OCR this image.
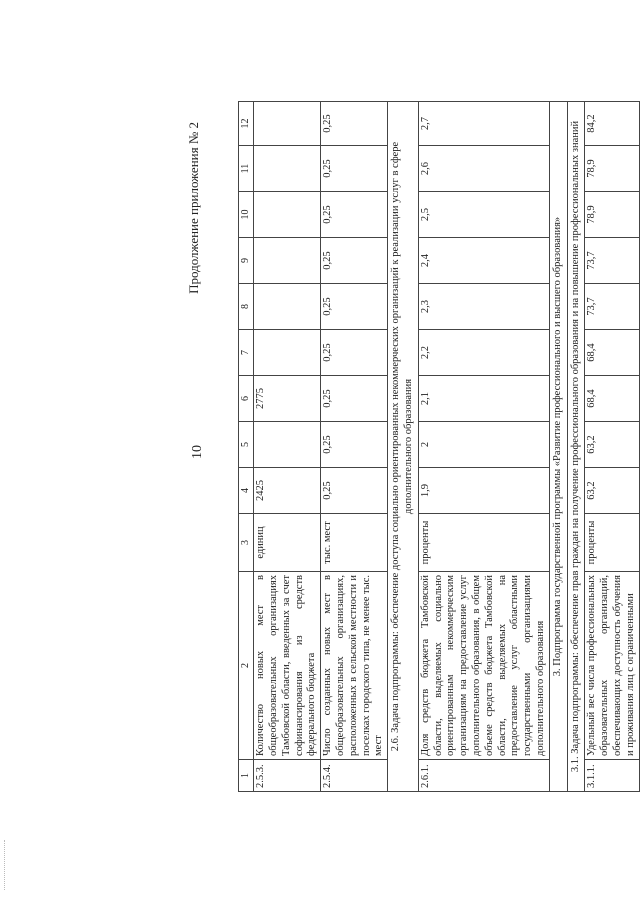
10
Продолжение приложения № 2
1	2	3	4	5	6	7	8	9	10	11	12
2.5.3.	Количество новых мест в общеобразовательных организациях Тамбовской области, введенных за счет софинансирования из средств федерального бюджета	единиц	2425		2775						
2.5.4.	Число созданных новых мест в общеобразовательных организациях, расположенных в сельской местности и поселках городского типа, не менее тыс. мест	тыс. мест	0,25	0,25	0,25	0,25	0,25	0,25	0,25	0,25	0,25
2.6. Задача подпрограммы: обеспечение доступа социально ориентированных некоммерческих организаций к реализации услуг в сфере дополнительного образования											
2.6.1.	Доля средств бюджета Тамбовской области, выделяемых социально ориентированным некоммерческим организациям на предоставление услуг дополнительного образования, в общем объеме средств бюджета Тамбовской области, выделяемых на предоставление услуг областными государственными организациями дополнительного образования	проценты	1,9	2	2,1	2,2	2,3	2,4	2,5	2,6	2,7
3. Подпрограмма государственной программы «Развитие профессионального и высшего образования»											
3.1. Задача подпрограммы: обеспечение прав граждан на получение профессионального образования и на повышение профессиональных знаний											
3.1.1.	Удельный вес числа профессиональных образовательных организаций, обеспечивающих доступность обучения и проживания лиц с ограниченными	проценты	63,2	63,2	68,4	68,4	73,7	73,7	78,9	78,9	84,2
